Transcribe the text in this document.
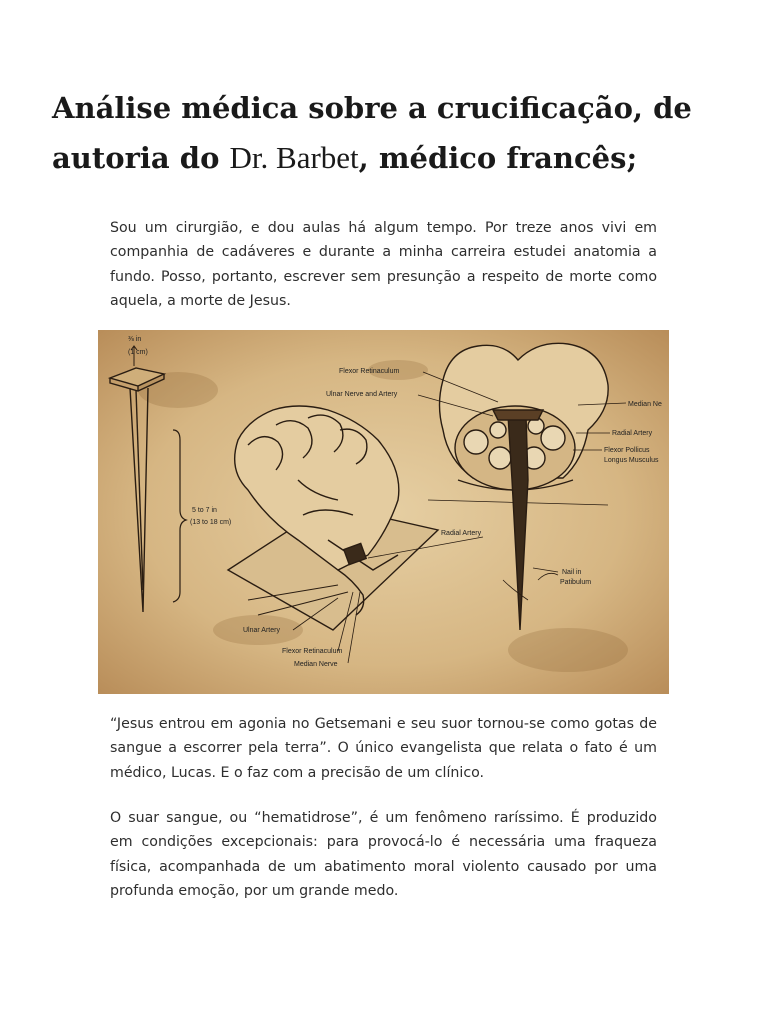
Análise médica sobre a crucificação, de autoria do Dr. Barbet, médico francês;

Sou um cirurgião, e dou aulas há algum tempo. Por treze anos vivi em companhia de cadáveres e durante a minha carreira estudei anatomia a fundo. Posso, portanto, escrever sem presunção a respeito de morte como aquela, a morte de Jesus.

⅜ in
(1 cm)
5 to 7 in
(13 to 18 cm)
Ulnar Artery
Flexor Retinaculum
Median Nerve
Radial Artery
Flexor Retinaculum
Ulnar Nerve and Artery
Median Ne
Radial Artery
Flexor Pollicus
Longus Musculus
Nail in
Patibulum

“Jesus entrou em agonia no Getsemani e seu suor tornou-se como gotas de sangue a escorrer pela terra”. O único evangelista que relata o fato é um médico, Lucas. E o faz com a precisão de um clínico.

O suar sangue, ou “hematidrose”, é um fenômeno raríssimo. É produzido em condições excepcionais: para provocá-lo é necessária uma fraqueza física, acompanhada de um abatimento moral violento causado por uma profunda emoção, por um grande medo.
